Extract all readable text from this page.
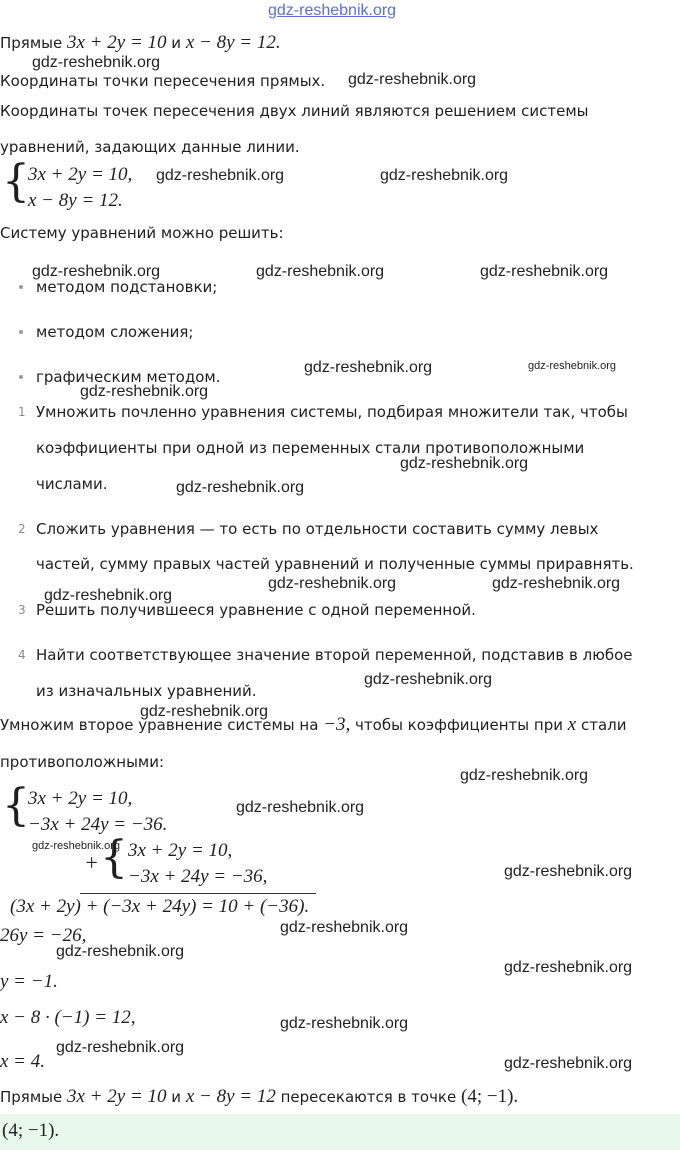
gdz-reshebnik.org
Прямые 3x + 2y = 10 и x − 8y = 12.
gdz-reshebnik.org
Координаты точки пересечения прямых. gdz-reshebnik.org
Координаты точек пересечения двух линий являются решением системы
уравнений, задающих данные линии.
{
3x + 2y = 10,
x − 8y = 12.
gdz-reshebnik.org	gdz-reshebnik.org
Систему уравнений можно решить:
gdz-reshebnik.org	gdz-reshebnik.org	gdz-reshebnik.org
методом подстановки;
методом сложения;
графическим методом.
gdz-reshebnik.org	gdz-reshebnik.org
gdz-reshebnik.org
1 Умножить почленно уравнения системы, подбирая множители так, чтобы
коэффициенты при одной из переменных стали противоположными
числами.
gdz-reshebnik.org
gdz-reshebnik.org
2 Сложить уравнения — то есть по отдельности составить сумму левых
частей, сумму правых частей уравнений и полученные суммы приравнять.
gdz-reshebnik.org	gdz-reshebnik.org
gdz-reshebnik.org
3 Решить получившееся уравнение с одной переменной.
4 Найти соответствующее значение второй переменной, подставив в любое
из изначальных уравнений.
gdz-reshebnik.org
gdz-reshebnik.org
Умножим второе уравнение системы на −3, чтобы коэффициенты при x стали
противоположными:
gdz-reshebnik.org
{
3x + 2y = 10,
−3x + 24y = −36.
gdz-reshebnik.org
gdz-reshebnik.org
+ { 3x + 2y = 10,
−3x + 24y = −36,
(3x + 2y) + (−3x + 24y) = 10 + (−36).
gdz-reshebnik.org
26y = −26,	gdz-reshebnik.org
gdz-reshebnik.org
y = −1.
gdz-reshebnik.org
x − 8 · (−1) = 12,	gdz-reshebnik.org
x = 4.
gdz-reshebnik.org
gdz-reshebnik.org
Прямые 3x + 2y = 10 и x − 8y = 12 пересекаются в точке (4; −1).
(4; −1).
